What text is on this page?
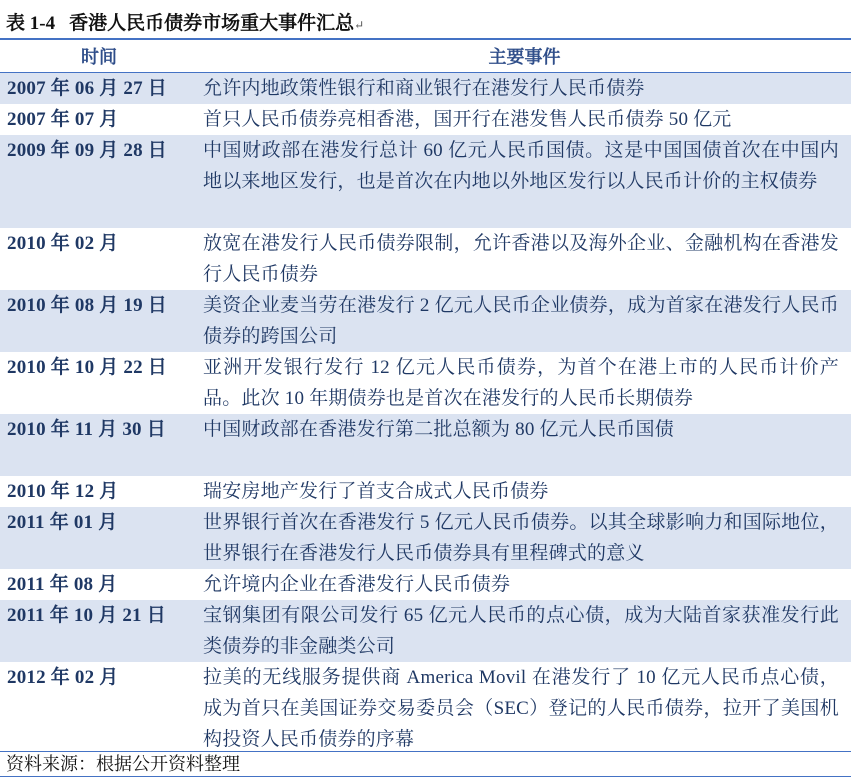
表 1-4 香港人民币债券市场重大事件汇总↵
时间	主要事件
2007 年 06 月 27 日	允许内地政策性银行和商业银行在港发行人民币债券
2007 年 07 月	首只人民币债券亮相香港，国开行在港发售人民币债券 50 亿元
2009 年 09 月 28 日	中国财政部在港发行总计 60 亿元人民币国债。这是中国国债首次在中国内地以来地区发行，也是首次在内地以外地区发行以人民币计价的主权债券
2010 年 02 月	放宽在港发行人民币债券限制，允许香港以及海外企业、金融机构在香港发行人民币债券
2010 年 08 月 19 日	美资企业麦当劳在港发行 2 亿元人民币企业债券，成为首家在港发行人民币债券的跨国公司
2010 年 10 月 22 日	亚洲开发银行发行 12 亿元人民币债券，为首个在港上市的人民币计价产品。此次 10 年期债券也是首次在港发行的人民币长期债券
2010 年 11 月 30 日	中国财政部在香港发行第二批总额为 80 亿元人民币国债
2010 年 12 月	瑞安房地产发行了首支合成式人民币债券
2011 年 01 月	世界银行首次在香港发行 5 亿元人民币债券。以其全球影响力和国际地位，世界银行在香港发行人民币债券具有里程碑式的意义
2011 年 08 月	允许境内企业在香港发行人民币债券
2011 年 10 月 21 日	宝钢集团有限公司发行 65 亿元人民币的点心债，成为大陆首家获准发行此类债券的非金融类公司
2012 年 02 月	拉美的无线服务提供商 America Movil 在港发行了 10 亿元人民币点心债，成为首只在美国证券交易委员会（SEC）登记的人民币债券，拉开了美国机构投资人民币债券的序幕
资料来源：根据公开资料整理
